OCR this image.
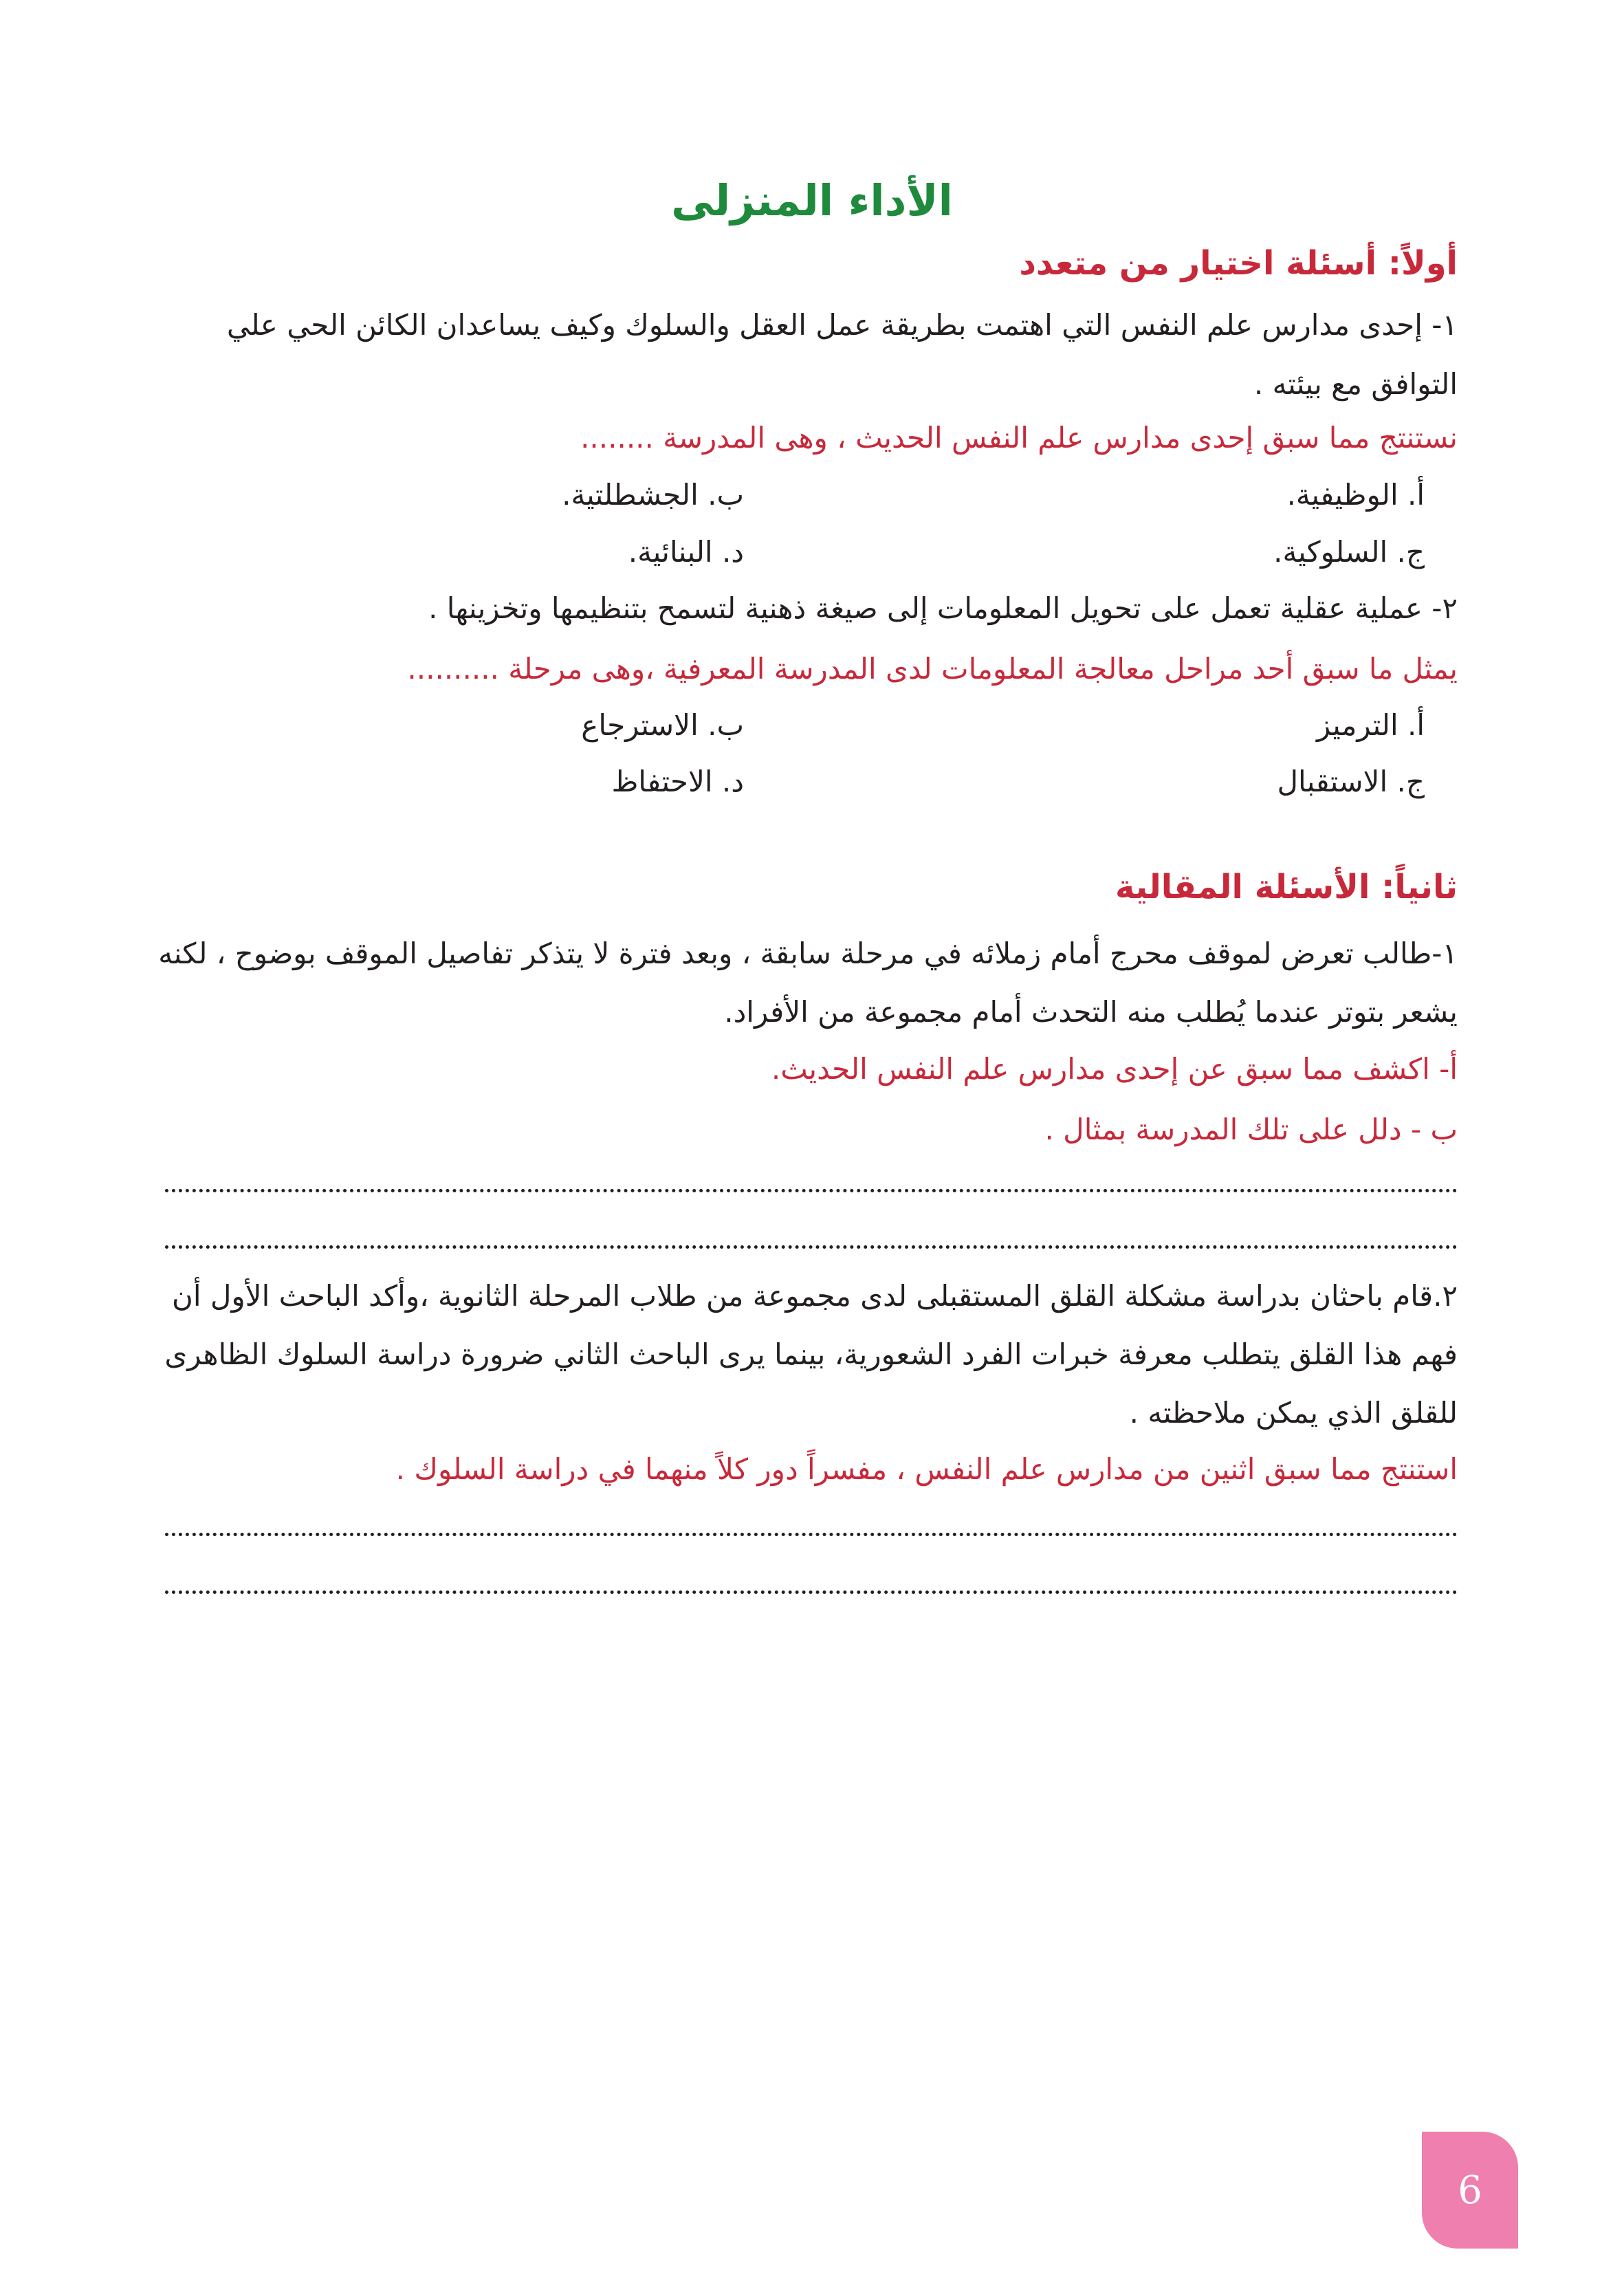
الأداء المنزلى
أولاً: أسئلة اختيار من متعدد

١- إحدى مدارس علم النفس التي اهتمت بطريقة عمل العقل والسلوك وكيف يساعدان الكائن الحي علي

التوافق مع بيئته .

نستنتج مما سبق إحدى مدارس علم النفس الحديث ، وهى المدرسة ........

أ. الوظيفية.

ب. الجشطلتية.

ج. السلوكية.

د. البنائية.

٢- عملية عقلية تعمل على تحويل المعلومات إلى صيغة ذهنية لتسمح بتنظيمها وتخزينها .

يمثل ما سبق أحد مراحل معالجة المعلومات لدى المدرسة المعرفية ،وهى مرحلة ..........

أ. الترميز

ب. الاسترجاع

ج. الاستقبال

د. الاحتفاظ

ثانياً: الأسئلة المقالية

١-طالب تعرض لموقف محرج أمام زملائه في مرحلة سابقة ، وبعد فترة لا يتذكر تفاصيل الموقف بوضوح ، لكنه

يشعر بتوتر عندما يُطلب منه التحدث أمام مجموعة من الأفراد.

أ- اكشف مما سبق عن إحدى مدارس علم النفس الحديث.

ب - دلل على تلك المدرسة بمثال .

٢.قام باحثان بدراسة مشكلة القلق المستقبلى لدى مجموعة من طلاب المرحلة الثانوية ،وأكد الباحث الأول أن

فهم هذا القلق يتطلب معرفة خبرات الفرد الشعورية، بينما يرى الباحث الثاني ضرورة دراسة السلوك الظاهرى

للقلق الذي يمكن ملاحظته .

استنتج مما سبق اثنين من مدارس علم النفس ، مفسراً دور كلاً منهما في دراسة السلوك .

6
